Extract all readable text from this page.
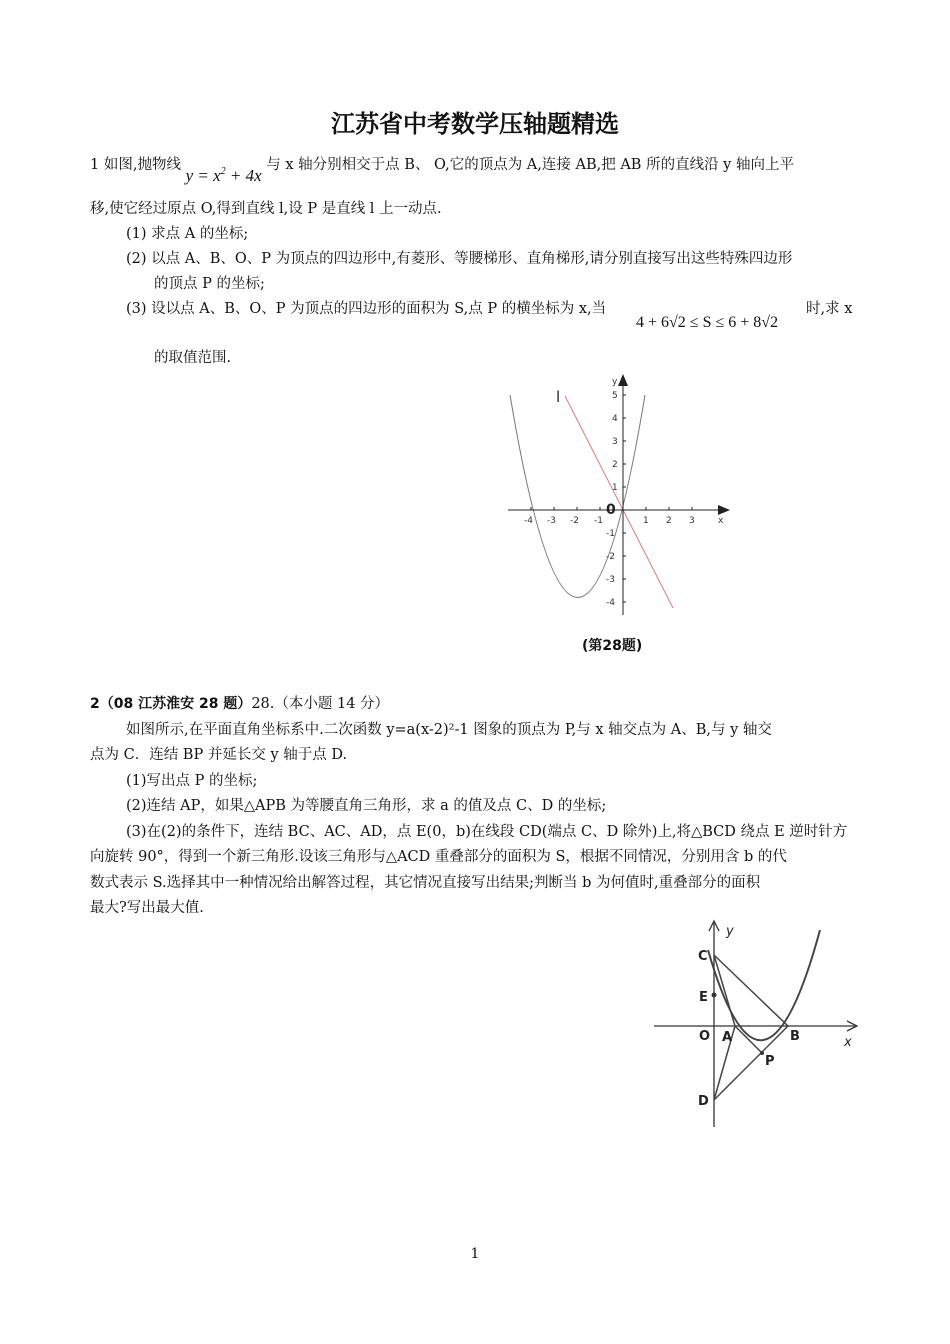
江苏省中考数学压轴题精选
1 如图,抛物线 $y = x^2 + 4x$ 与 x 轴分别相交于点 B、 O,它的顶点为 A,连接 AB,把 AB 所的直线沿 y 轴向上平
移,使它经过原点 O,得到直线 l,设 P 是直线 l 上一动点.
(1) 求点 A 的坐标;
(2) 以点 A、B、O、P 为顶点的四边形中,有菱形、等腰梯形、直角梯形,请分别直接写出这些特殊四边形
的顶点 P 的坐标;
(3) 设以点 A、B、O、P 为顶点的四边形的面积为 S,点 P 的横坐标为 x,当
4 + 6√2 ≤ S ≤ 6 + 8√2
时,求 x
的取值范围.
-4 -3 -2 -1	1 2 3
5
4
3
2
1
-1
-2
-3
-4
x
y
l
0
(第28题)
2（08 江苏淮安 28 题）28.（本小题 14 分）
如图所示,在平面直角坐标系中.二次函数 y=a(x-2)²-1 图象的顶点为 P,与 x 轴交点为 A、B,与 y 轴交
点为 C．连结 BP 并延长交 y 轴于点 D.
(1)写出点 P 的坐标;
(2)连结 AP，如果△APB 为等腰直角三角形，求 a 的值及点 C、D 的坐标;
(3)在(2)的条件下，连结 BC、AC、AD，点 E(0，b)在线段 CD(端点 C、D 除外)上,将△BCD 绕点 E 逆时针方
向旋转 90°，得到一个新三角形.设该三角形与△ACD 重叠部分的面积为 S，根据不同情况，分别用含 b 的代
数式表示 S.选择其中一种情况给出解答过程，其它情况直接写出结果;判断当 b 为何值时,重叠部分的面积
最大?写出最大值.
y
x
C
E
O A	B
P
D
1
